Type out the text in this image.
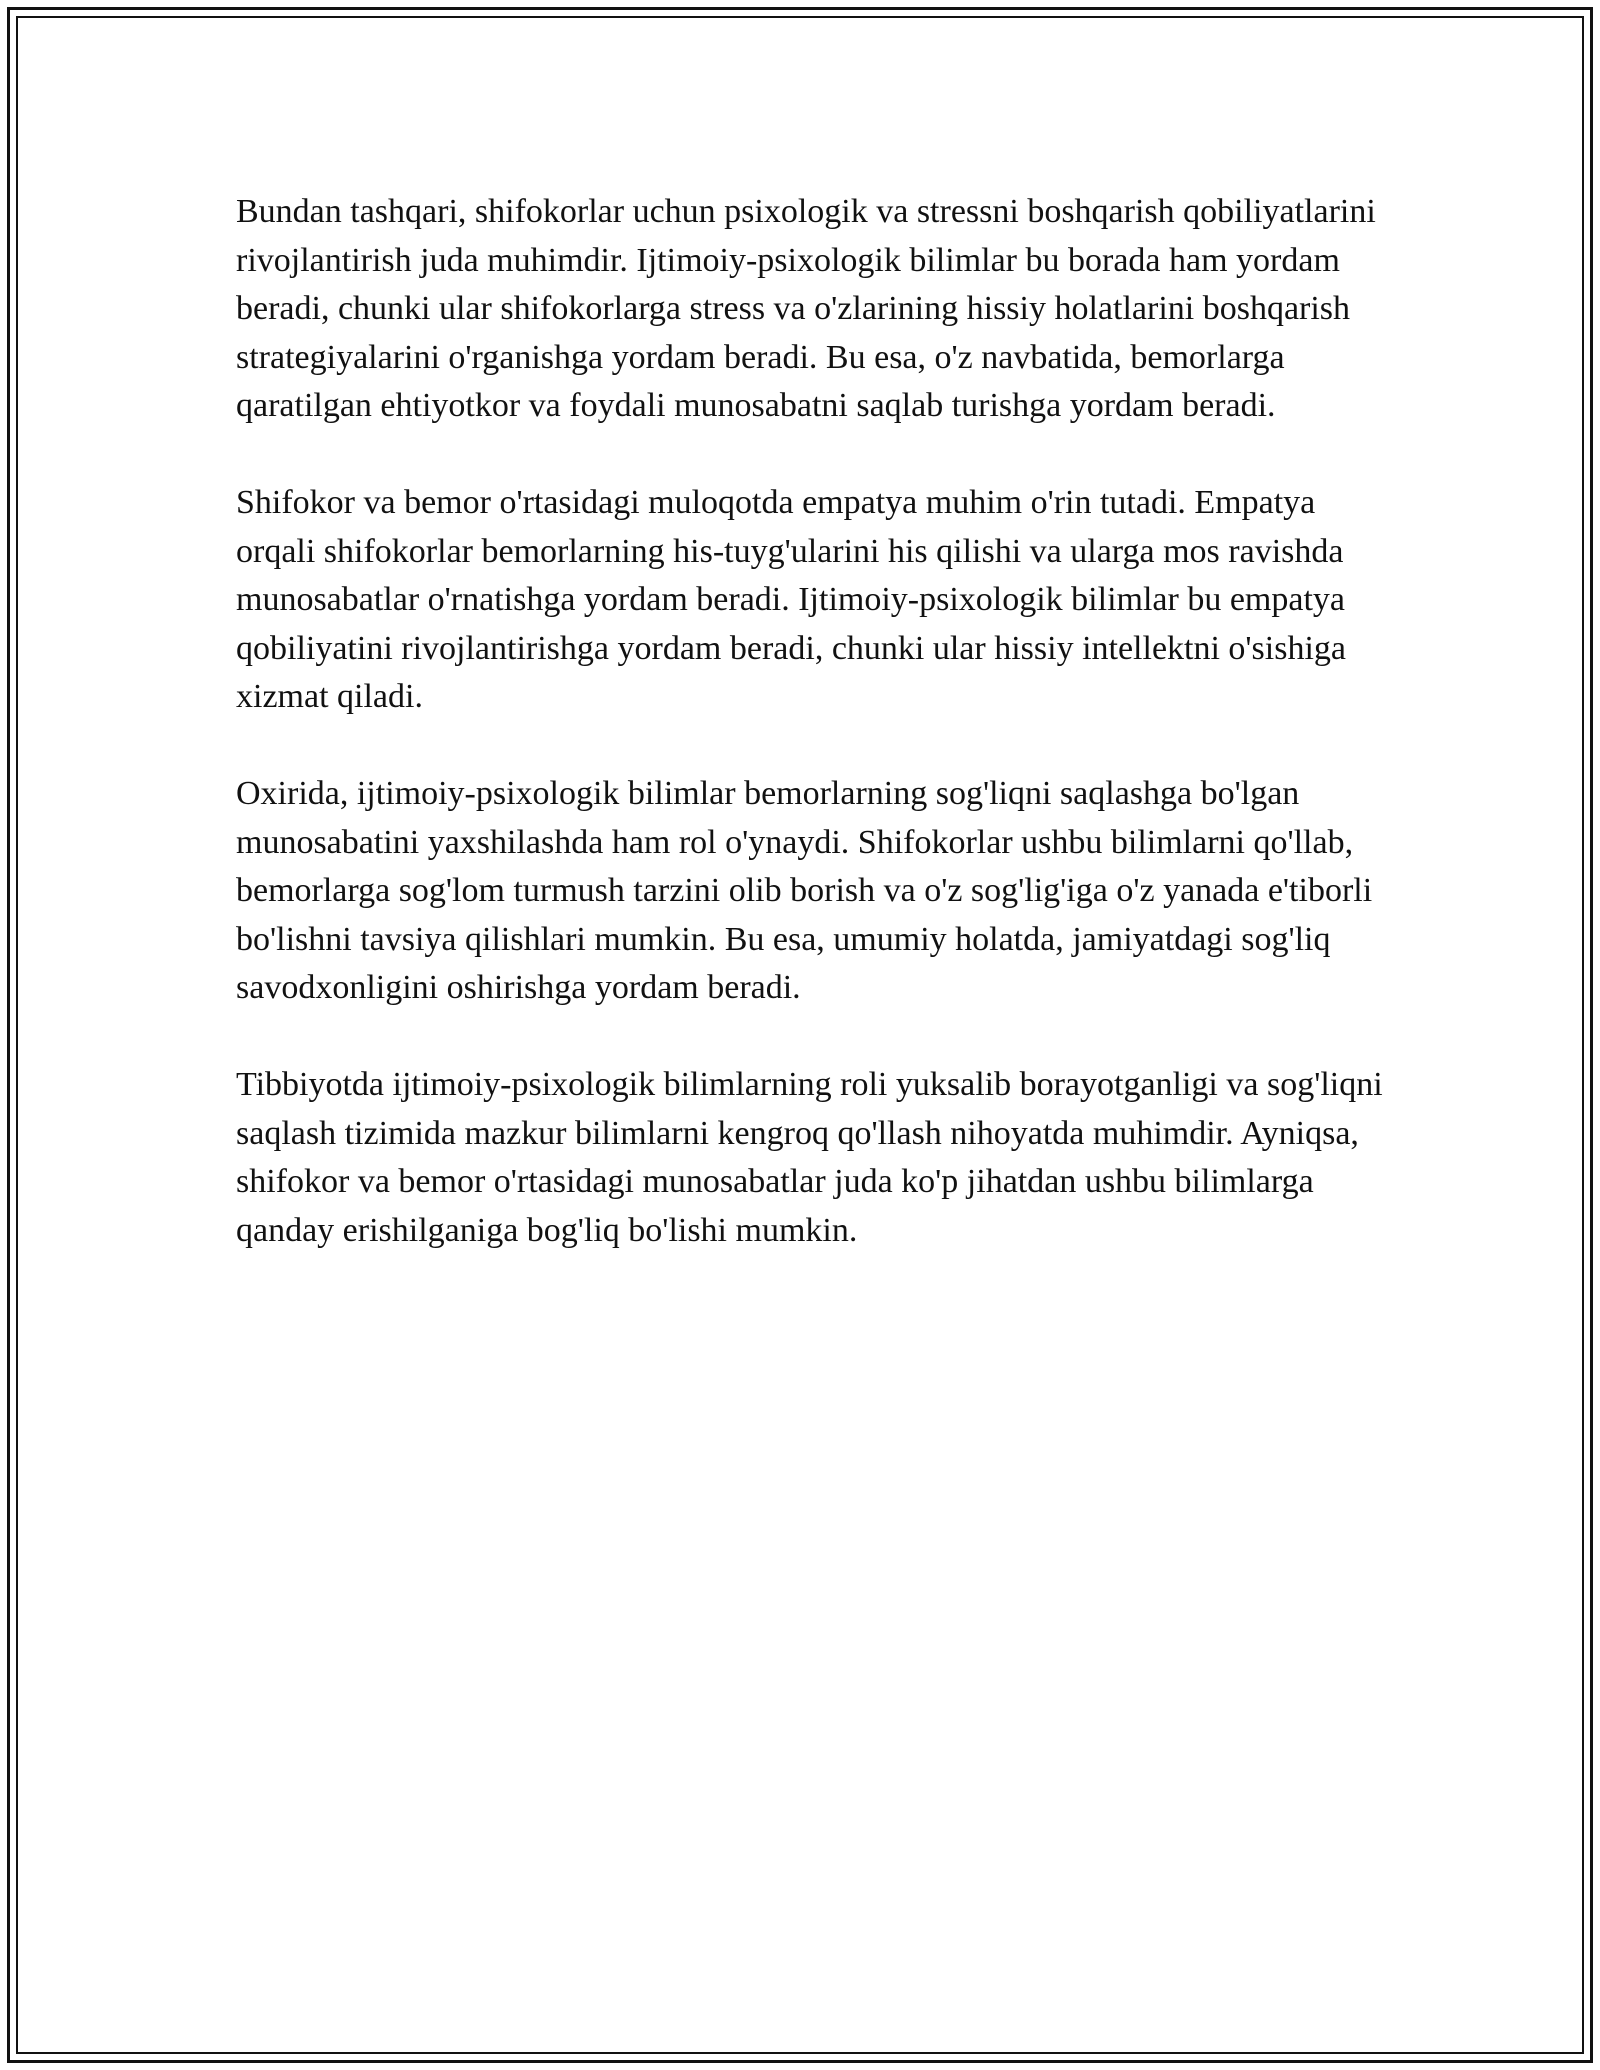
Bundan tashqari, shifokorlar uchun psixologik va stressni boshqarish qobiliyatlarini rivojlantirish juda muhimdir. Ijtimoiy-psixologik bilimlar bu borada ham yordam beradi, chunki ular shifokorlarga stress va o'zlarining hissiy holatlarini boshqarish strategiyalarini o'rganishga yordam beradi. Bu esa, o'z navbatida, bemorlarga qaratilgan ehtiyotkor va foydali munosabatni saqlab turishga yordam beradi.

Shifokor va bemor o'rtasidagi muloqotda empatya muhim o'rin tutadi. Empatya orqali shifokorlar bemorlarning his-tuyg'ularini his qilishi va ularga mos ravishda munosabatlar o'rnatishga yordam beradi. Ijtimoiy-psixologik bilimlar bu empatya qobiliyatini rivojlantirishga yordam beradi, chunki ular hissiy intellektni o'sishiga xizmat qiladi.

Oxirida, ijtimoiy-psixologik bilimlar bemorlarning sog'liqni saqlashga bo'lgan munosabatini yaxshilashda ham rol o'ynaydi. Shifokorlar ushbu bilimlarni qo'llab, bemorlarga sog'lom turmush tarzini olib borish va o'z sog'lig'iga o'z yanada e'tiborli bo'lishni tavsiya qilishlari mumkin. Bu esa, umumiy holatda, jamiyatdagi sog'liq savodxonligini oshirishga yordam beradi.

Tibbiyotda ijtimoiy-psixologik bilimlarning roli yuksalib borayotganligi va sog'liqni saqlash tizimida mazkur bilimlarni kengroq qo'llash nihoyatda muhimdir. Ayniqsa, shifokor va bemor o'rtasidagi munosabatlar juda ko'p jihatdan ushbu bilimlarga qanday erishilganiga bog'liq bo'lishi mumkin.
